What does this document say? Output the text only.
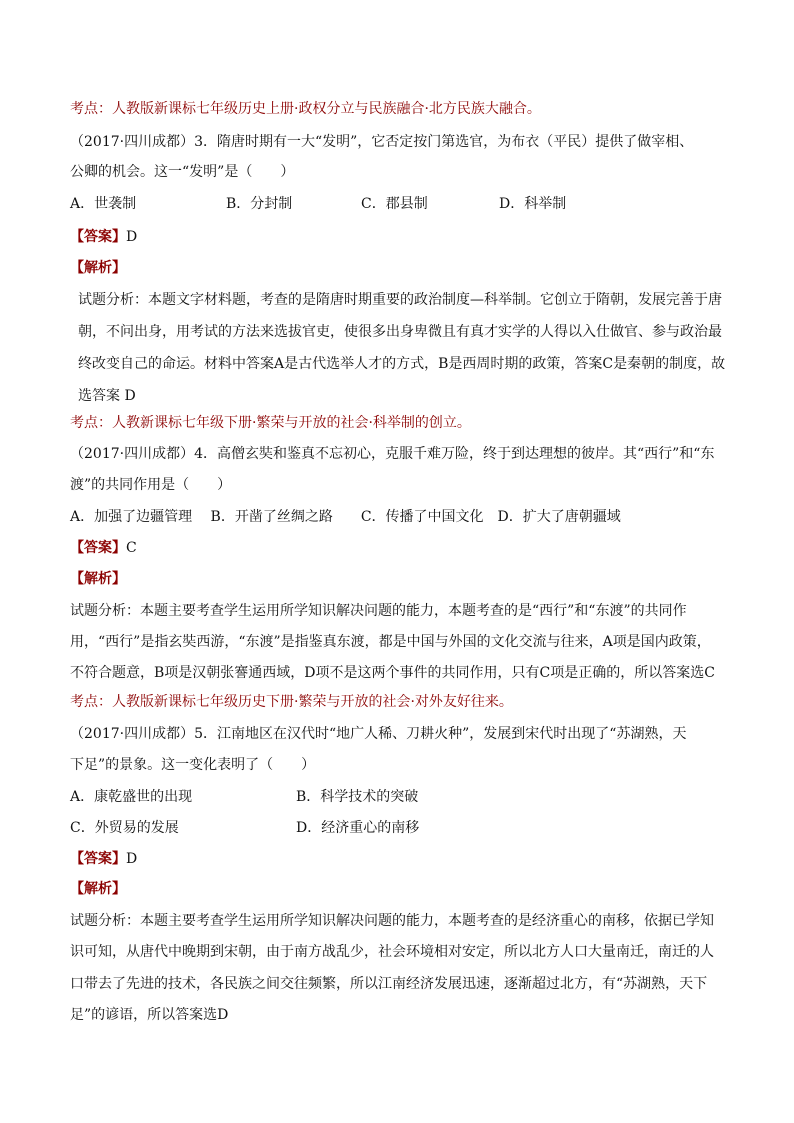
考点：人教版新课标七年级历史上册·政权分立与民族融合·北方民族大融合。
（2017·四川成都）3．隋唐时期有一大“发明”，它否定按门第选官，为布衣（平民）提供了做宰相、
公卿的机会。这一“发明”是（　　）
A．世袭制	B．分封制	C．郡县制	D．科举制
【答案】D
【解析】
试题分析：本题文字材料题，考查的是隋唐时期重要的政治制度—科举制。它创立于隋朝，发展完善于唐
朝，不问出身，用考试的方法来选拔官吏，使很多出身卑微且有真才实学的人得以入仕做官、参与政治最
终改变自己的命运。材料中答案A是古代选举人才的方式，B是西周时期的政策，答案C是秦朝的制度，故
选答案 D
考点：人教新课标七年级下册·繁荣与开放的社会·科举制的创立。
（2017·四川成都）4．高僧玄奘和鉴真不忘初心，克服千难万险，终于到达理想的彼岸。其“西行”和“东
渡”的共同作用是（　　）
A．加强了边疆管理　 B．开凿了丝绸之路　　C．传播了中国文化　D．扩大了唐朝疆域
【答案】C
【解析】
试题分析：本题主要考查学生运用所学知识解决问题的能力，本题考查的是“西行”和“东渡”的共同作
用，“西行”是指玄奘西游，“东渡”是指鉴真东渡，都是中国与外国的文化交流与往来，A项是国内政策，
不符合题意，B项是汉朝张謇通西域，D项不是这两个事件的共同作用，只有C项是正确的，所以答案选C
考点：人教版新课标七年级历史下册·繁荣与开放的社会·对外友好往来。
（2017·四川成都）5．江南地区在汉代时“地广人稀、刀耕火种”，发展到宋代时出现了“苏湖熟，天
下足”的景象。这一变化表明了（　　）
A．康乾盛世的出现	B．科学技术的突破
C．外贸易的发展	D．经济重心的南移
【答案】D
【解析】
试题分析：本题主要考查学生运用所学知识解决问题的能力，本题考查的是经济重心的南移，依据已学知
识可知，从唐代中晚期到宋朝，由于南方战乱少，社会环境相对安定，所以北方人口大量南迁，南迁的人
口带去了先进的技术，各民族之间交往频繁，所以江南经济发展迅速，逐渐超过北方，有“苏湖熟，天下
足”的谚语，所以答案选D
